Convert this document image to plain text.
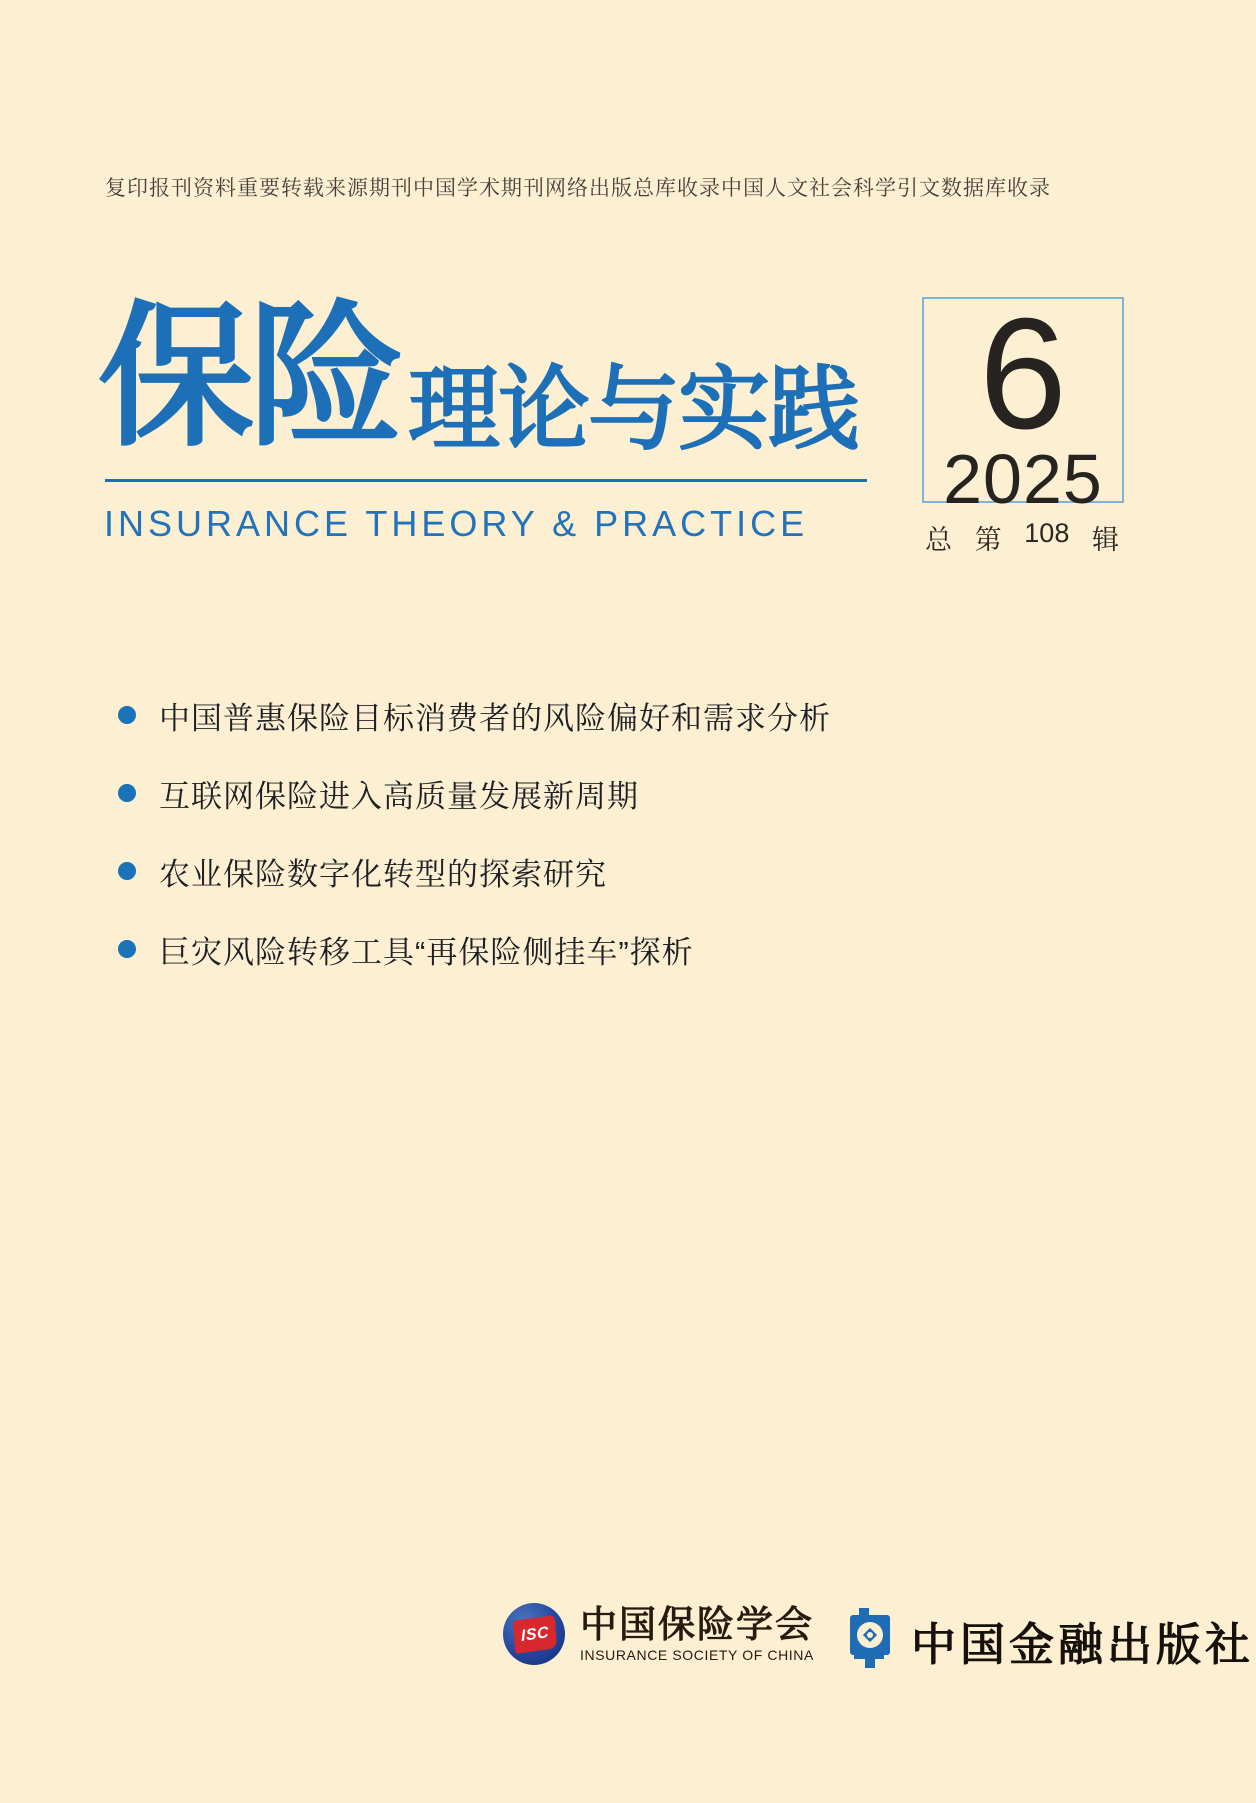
复印报刊资料重要转载来源期刊 中国学术期刊网络出版总库收录 中国人文社会科学引文数据库收录
保险 理论与实践
INSURANCE THEORY & PRACTICE
6
2025
总 第 108 辑
中国普惠保险目标消费者的风险偏好和需求分析
互联网保险进入高质量发展新周期
农业保险数字化转型的探索研究
巨灾风险转移工具“再保险侧挂车”探析
ISC 中国保险学会
INSURANCE SOCIETY OF CHINA 中国金融出版社
